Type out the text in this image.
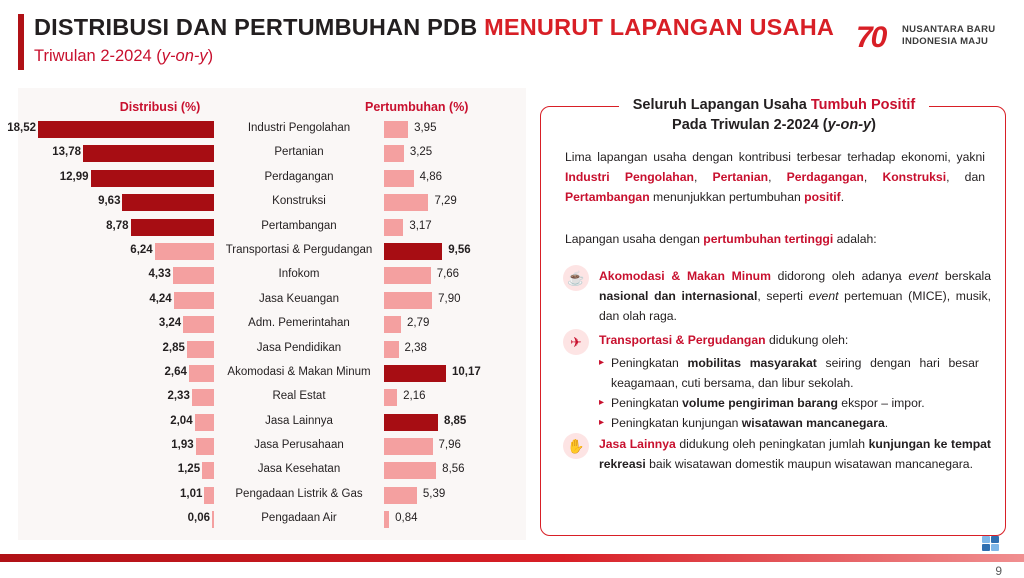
DISTRIBUSI DAN PERTUMBUHAN PDB MENURUT LAPANGAN USAHA
Triwulan 2-2024 (y-on-y)
70	NUSANTARA BARU
INDONESIA MAJU
Distribusi (%)	Pertumbuhan (%)
18,52	Industri Pengolahan	3,95
13,78	Pertanian	3,25
12,99	Perdagangan	4,86
9,63	Konstruksi	7,29
8,78	Pertambangan	3,17
6,24	Transportasi & Pergudangan	9,56
4,33	Infokom	7,66
4,24	Jasa Keuangan	7,90
3,24	Adm. Pemerintahan	2,79
2,85	Jasa Pendidikan	2,38
2,64	Akomodasi & Makan Minum	10,17
2,33	Real Estat	2,16
2,04	Jasa Lainnya	8,85
1,93	Jasa Perusahaan	7,96
1,25	Jasa Kesehatan	8,56
1,01	Pengadaan Listrik & Gas	5,39
0,06	Pengadaan Air	0,84
Seluruh Lapangan Usaha Tumbuh Positif
Pada Triwulan 2-2024 (y-on-y)
Lima lapangan usaha dengan kontribusi terbesar terhadap ekonomi, yakni Industri Pengolahan, Pertanian, Perdagangan, Konstruksi, dan Pertambangan menunjukkan pertumbuhan positif.
Lapangan usaha dengan pertumbuhan tertinggi adalah:
☕	Akomodasi & Makan Minum didorong oleh adanya event berskala nasional dan internasional, seperti event pertemuan (MICE), musik, dan olah raga.
✈	Transportasi & Pergudangan didukung oleh:
▸ Peningkatan mobilitas masyarakat seiring dengan hari besar keagamaan, cuti bersama, dan libur sekolah.
▸ Peningkatan volume pengiriman barang ekspor – impor.
▸ Peningkatan kunjungan wisatawan mancanegara.
✋	Jasa Lainnya didukung oleh peningkatan jumlah kunjungan ke tempat rekreasi baik wisatawan domestik maupun wisatawan mancanegara.
9
